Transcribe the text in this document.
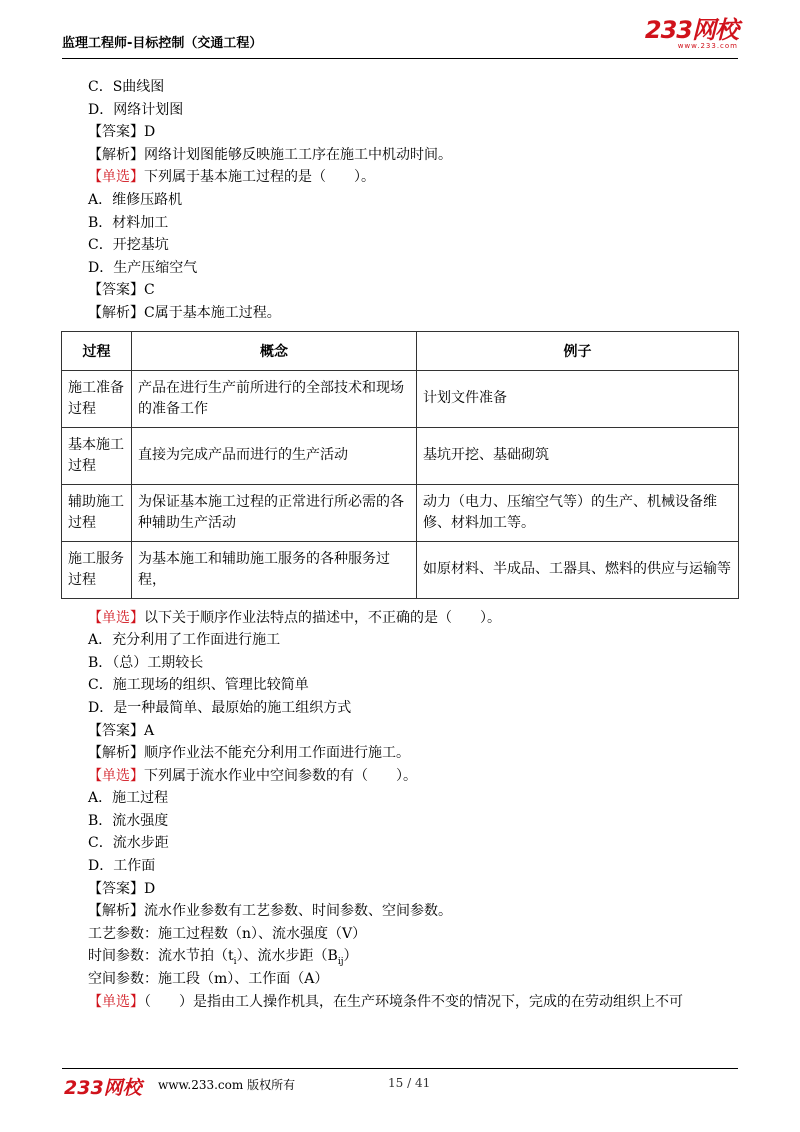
监理工程师-目标控制（交通工程）	233网校
www.233.com
C．S曲线图
D．网络计划图
【答案】D
【解析】网络计划图能够反映施工工序在施工中机动时间。
【单选】下列属于基本施工过程的是（　　）。
A．维修压路机
B．材料加工
C．开挖基坑
D．生产压缩空气
【答案】C
【解析】C属于基本施工过程。
过程	概念	例子
施工准备过程	产品在进行生产前所进行的全部技术和现场的准备工作	计划文件准备
基本施工过程	直接为完成产品而进行的生产活动	基坑开挖、基础砌筑
辅助施工过程	为保证基本施工过程的正常进行所必需的各种辅助生产活动	动力（电力、压缩空气等）的生产、机械设备维修、材料加工等。
施工服务过程	为基本施工和辅助施工服务的各种服务过程，	如原材料、半成品、工器具、燃料的供应与运输等
【单选】以下关于顺序作业法特点的描述中，不正确的是（　　）。
A．充分利用了工作面进行施工
B．（总）工期较长
C．施工现场的组织、管理比较简单
D．是一种最简单、最原始的施工组织方式
【答案】A
【解析】顺序作业法不能充分利用工作面进行施工。
【单选】下列属于流水作业中空间参数的有（　　）。
A．施工过程
B．流水强度
C．流水步距
D．工作面
【答案】D
【解析】流水作业参数有工艺参数、时间参数、空间参数。
工艺参数：施工过程数（n）、流水强度（V）
时间参数：流水节拍$(t_i)$、流水步距$(B_{ij})$
空间参数：施工段（m）、工作面（A）
【单选】（　　）是指由工人操作机具，在生产环境条件不变的情况下，完成的在劳动组织上不可
233网校 www.233.com 版权所有	15 / 41
